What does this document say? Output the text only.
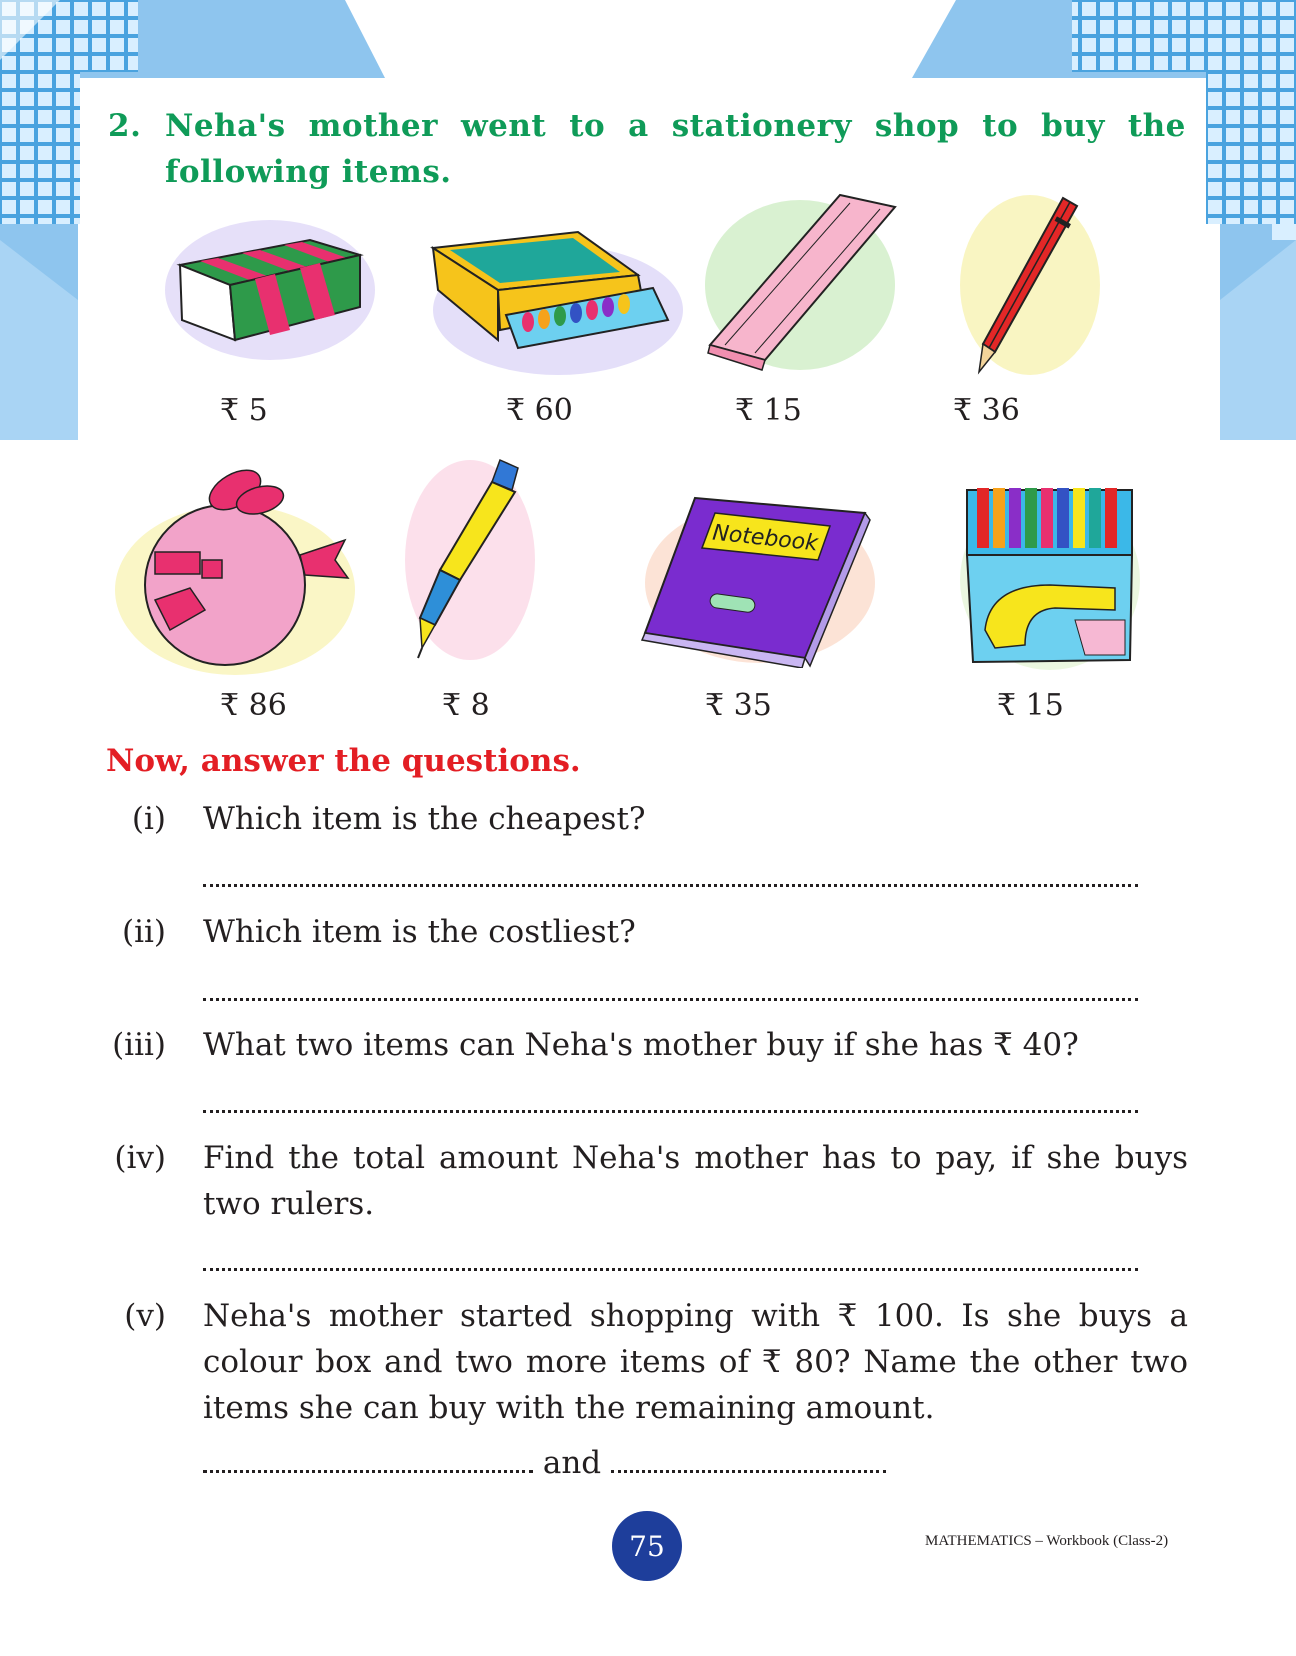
2. Neha's mother went to a stationery shop to buy the
following items.
Notebook
₹ 5	₹ 60	₹ 15	₹ 36
₹ 86	₹ 8	₹ 35	₹ 15
Now, answer the questions.
(i) Which item is the cheapest?
(ii) Which item is the costliest?
(iii) What two items can Neha's mother buy if she has ₹ 40?
(iv) Find the total amount Neha's mother has to pay, if she buys two rulers.
(v) Neha's mother started shopping with ₹ 100. Is she buys a colour box and two more items of ₹ 80? Name the other two items she can buy with the remaining amount.
and
75	MATHEMATICS – Workbook (Class-2)
